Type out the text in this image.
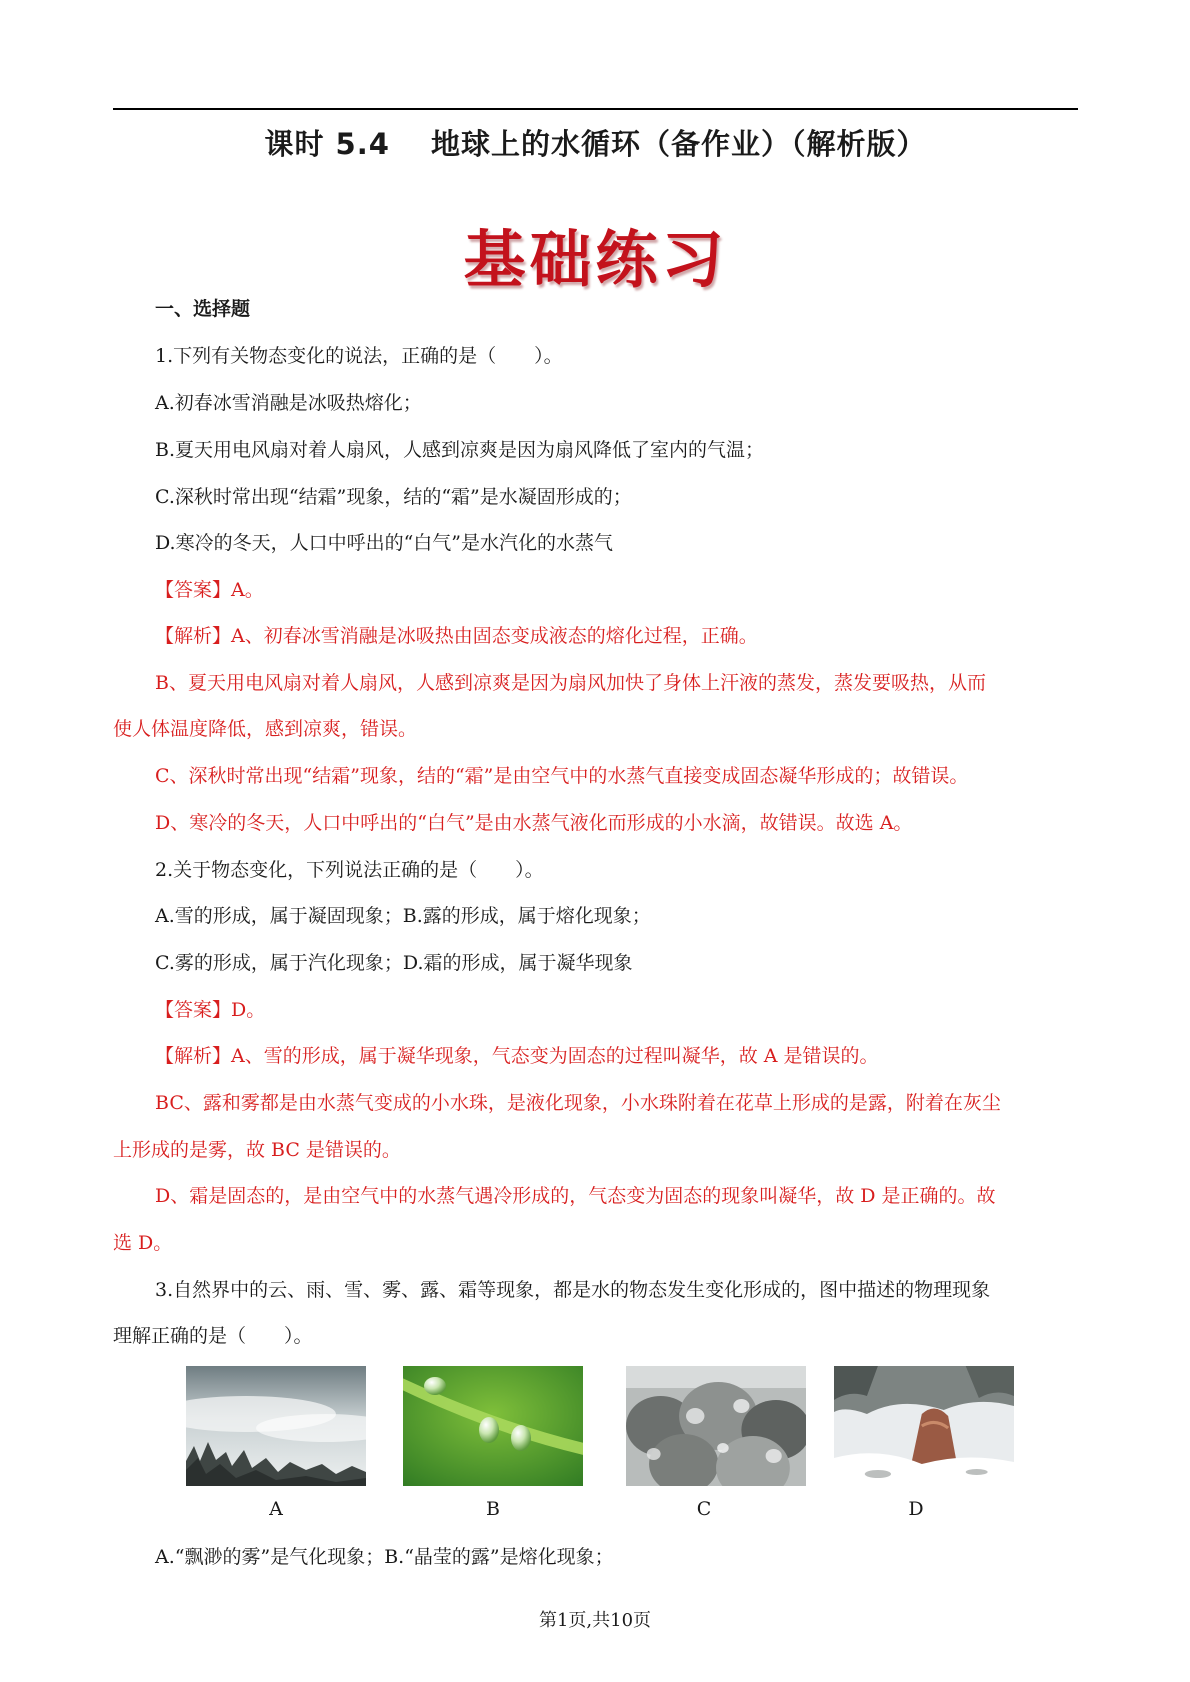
课时 5.4　 地球上的水循环（备作业）（解析版）
基础练习
一、选择题
1.下列有关物态变化的说法，正确的是（　　）。
A.初春冰雪消融是冰吸热熔化；
B.夏天用电风扇对着人扇风，人感到凉爽是因为扇风降低了室内的气温；
C.深秋时常出现“结霜”现象，结的“霜”是水凝固形成的；
D.寒冷的冬天，人口中呼出的“白气”是水汽化的水蒸气
【答案】A。
【解析】A、初春冰雪消融是冰吸热由固态变成液态的熔化过程，正确。
B、夏天用电风扇对着人扇风，人感到凉爽是因为扇风加快了身体上汗液的蒸发，蒸发要吸热，从而
使人体温度降低，感到凉爽，错误。
C、深秋时常出现“结霜”现象，结的“霜”是由空气中的水蒸气直接变成固态凝华形成的；故错误。
D、寒冷的冬天，人口中呼出的“白气”是由水蒸气液化而形成的小水滴，故错误。故选 A。
2.关于物态变化，下列说法正确的是（　　）。
A.雪的形成，属于凝固现象；B.露的形成，属于熔化现象；
C.雾的形成，属于汽化现象；D.霜的形成，属于凝华现象
【答案】D。
【解析】A、雪的形成，属于凝华现象，气态变为固态的过程叫凝华，故 A 是错误的。
BC、露和雾都是由水蒸气变成的小水珠，是液化现象，小水珠附着在花草上形成的是露，附着在灰尘
上形成的是雾，故 BC 是错误的。
D、霜是固态的，是由空气中的水蒸气遇冷形成的，气态变为固态的现象叫凝华，故 D 是正确的。故
选 D。
3.自然界中的云、雨、雪、雾、露、霜等现象，都是水的物态发生变化形成的，图中描述的物理现象
理解正确的是（　　）。
A	B	C	D
A.“飘渺的雾”是气化现象；B.“晶莹的露”是熔化现象；
第1页,共10页
